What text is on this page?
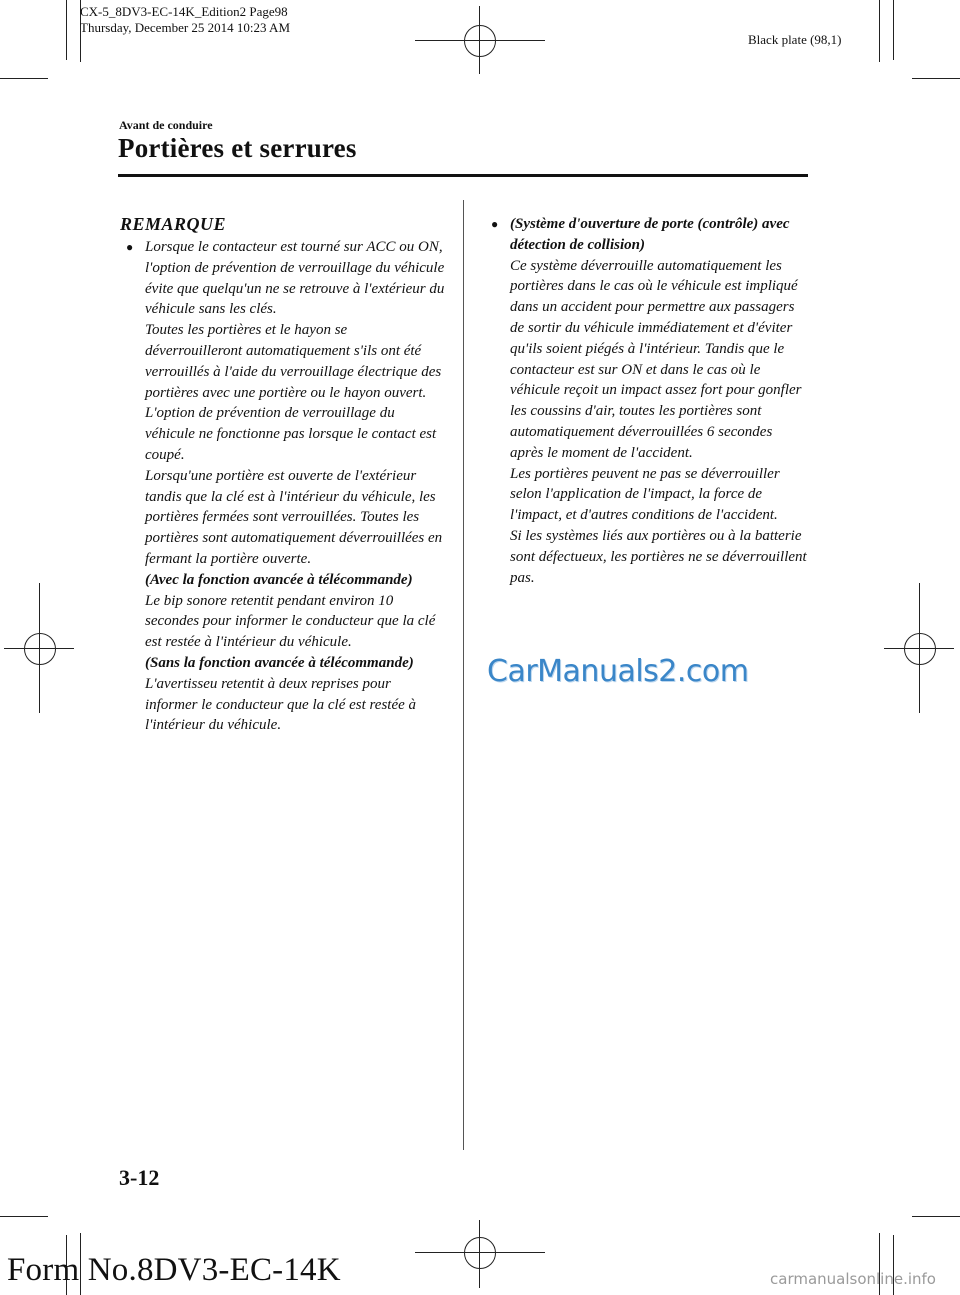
CX-5_8DV3-EC-14K_Edition2 Page98
Thursday, December 25 2014 10:23 AM
Black plate (98,1)
Avant de conduire
Portières et serrures
REMARQUE
● Lorsque le contacteur est tourné sur ACC ou ON, l'option de prévention de verrouillage du véhicule évite que quelqu'un ne se retrouve à l'extérieur du véhicule sans les clés.

Toutes les portières et le hayon se déverrouilleront automatiquement s'ils ont été verrouillés à l'aide du verrouillage électrique des portières avec une portière ou le hayon ouvert.

L'option de prévention de verrouillage du véhicule ne fonctionne pas lorsque le contact est coupé.

Lorsqu'une portière est ouverte de l'extérieur tandis que la clé est à l'intérieur du véhicule, les portières fermées sont verrouillées. Toutes les portières sont automatiquement déverrouillées en fermant la portière ouverte.

(Avec la fonction avancée à télécommande)

Le bip sonore retentit pendant environ 10 secondes pour informer le conducteur que la clé est restée à l'intérieur du véhicule.

(Sans la fonction avancée à télécommande)

L'avertisseu retentit à deux reprises pour informer le conducteur que la clé est restée à l'intérieur du véhicule.

● (Système d'ouverture de porte (contrôle) avec détection de collision)

Ce système déverrouille automatiquement les portières dans le cas où le véhicule est impliqué dans un accident pour permettre aux passagers de sortir du véhicule immédiatement et d'éviter qu'ils soient piégés à l'intérieur. Tandis que le contacteur est sur ON et dans le cas où le véhicule reçoit un impact assez fort pour gonfler les coussins d'air, toutes les portières sont automatiquement déverrouillées 6 secondes après le moment de l'accident.

Les portières peuvent ne pas se déverrouiller selon l'application de l'impact, la force de l'impact, et d'autres conditions de l'accident.

Si les systèmes liés aux portières ou à la batterie sont défectueux, les portières ne se déverrouillent pas.

CarManuals2.com
3-12
Form No.8DV3-EC-14K	carmanualsonline.info
